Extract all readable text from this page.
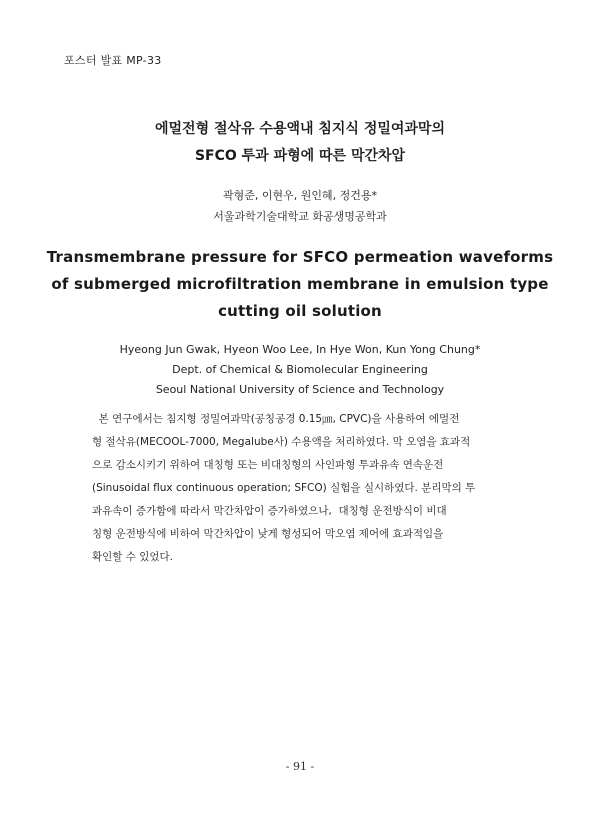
포스터 발표 MP-33
에멀전형 절삭유 수용액내 침지식 정밀여과막의
SFCO 투과 파형에 따른 막간차압
곽형준, 이현우, 원인혜, 정건용*
서울과학기술대학교 화공생명공학과
Transmembrane pressure for SFCO permeation waveforms
of submerged microfiltration membrane in emulsion type
cutting oil solution
Hyeong Jun Gwak, Hyeon Woo Lee, In Hye Won, Kun Yong Chung*
Dept. of Chemical & Biomolecular Engineering
Seoul National University of Science and Technology
본 연구에서는 침지형 정밀여과막(공칭공경 0.15㎛, CPVC)을 사용하여 에멀전
형 절삭유(MECOOL-7000, Megalube사) 수용액을 처리하였다. 막 오염을 효과적
으로 감소시키기 위하여 대칭형 또는 비대칭형의 사인파형 투과유속 연속운전
(Sinusoidal flux continuous operation; SFCO) 실험을 실시하였다. 분리막의 투
과유속이 증가함에 따라서 막간차압이 증가하였으나,  대칭형 운전방식이 비대
칭형 운전방식에 비하여 막간차압이 낮게 형성되어 막오염 제어에 효과적임을
확인할 수 있었다.
- 91 -
